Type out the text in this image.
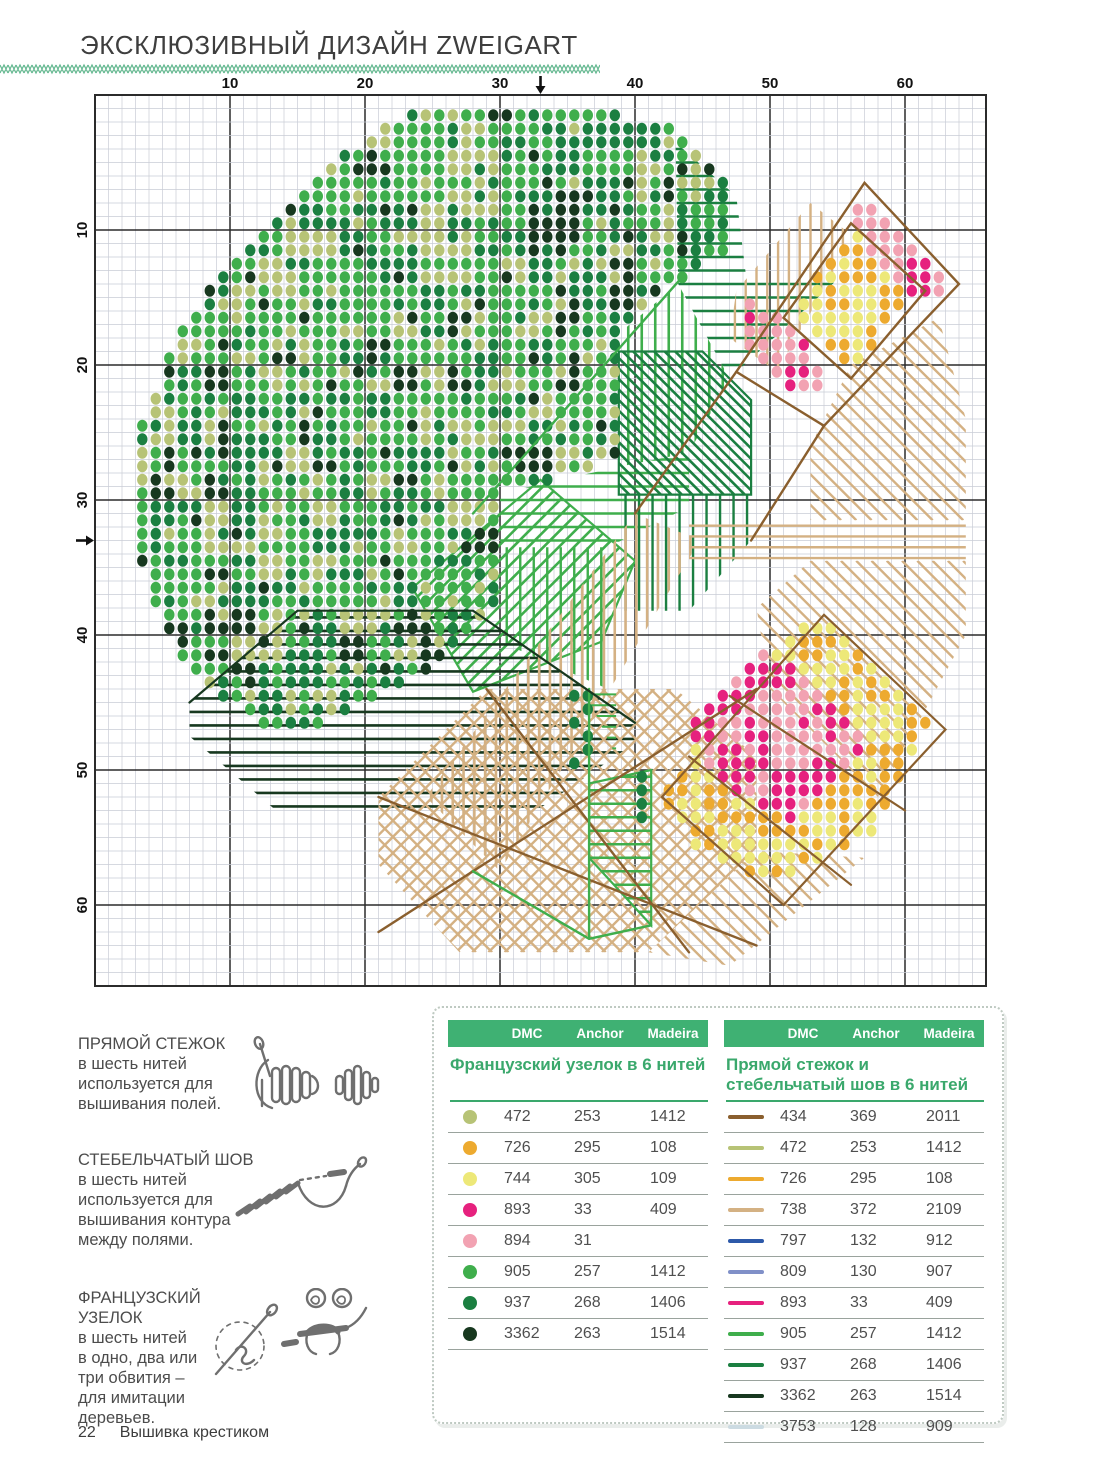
ЭКСКЛЮЗИВНЫЙ ДИЗАЙН ZWEIGART
10
10
20
20
30
30
40
40
50
50
60
60
ПРЯМОЙ СТЕЖОК
в шесть нитей
используется для
вышивания полей.
СТЕБЕЛЬЧАТЫЙ ШОВ
в шесть нитей
используется для
вышивания контура
между полями.
ФРАНЦУЗСКИЙ
УЗЕЛОК
в шесть нитей
в одно, два или
три обвития –
для имитации
деревьев.
DMC	Anchor	Madeira
Французский узелок в 6 нитей
472	253	1412
726	295	108
744	305	109
893	33	409
894	31
905	257	1412
937	268	1406
3362	263	1514
DMC	Anchor	Madeira
Прямой стежок и стебельчатый шов в 6 нитей
434	369	2011
472	253	1412
726	295	108
738	372	2109
797	132	912
809	130	907
893	33	409
905	257	1412
937	268	1406
3362	263	1514
3753	128	909
22 Вышивка крестиком
